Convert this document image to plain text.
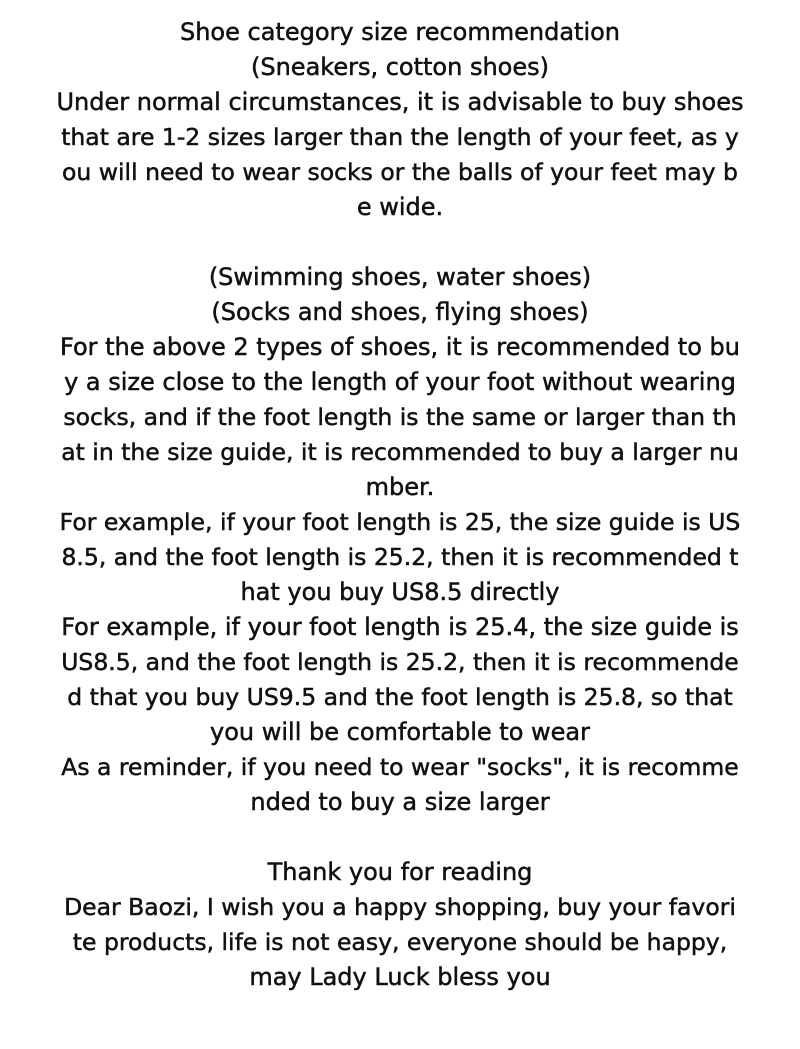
Shoe category size recommendation
(Sneakers, cotton shoes)
Under normal circumstances, it is advisable to buy shoes
that are 1-2 sizes larger than the length of your feet, as y
ou will need to wear socks or the balls of your feet may b
e wide.
(Swimming shoes, water shoes)
(Socks and shoes, flying shoes)
For the above 2 types of shoes, it is recommended to bu
y a size close to the length of your foot without wearing
socks, and if the foot length is the same or larger than th
at in the size guide, it is recommended to buy a larger nu
mber.
For example, if your foot length is 25, the size guide is US
8.5, and the foot length is 25.2, then it is recommended t
hat you buy US8.5 directly
For example, if your foot length is 25.4, the size guide is
US8.5, and the foot length is 25.2, then it is recommende
d that you buy US9.5 and the foot length is 25.8, so that
you will be comfortable to wear
As a reminder, if you need to wear "socks", it is recomme
nded to buy a size larger
Thank you for reading
Dear Baozi, I wish you a happy shopping, buy your favori
te products, life is not easy, everyone should be happy,
may Lady Luck bless you
